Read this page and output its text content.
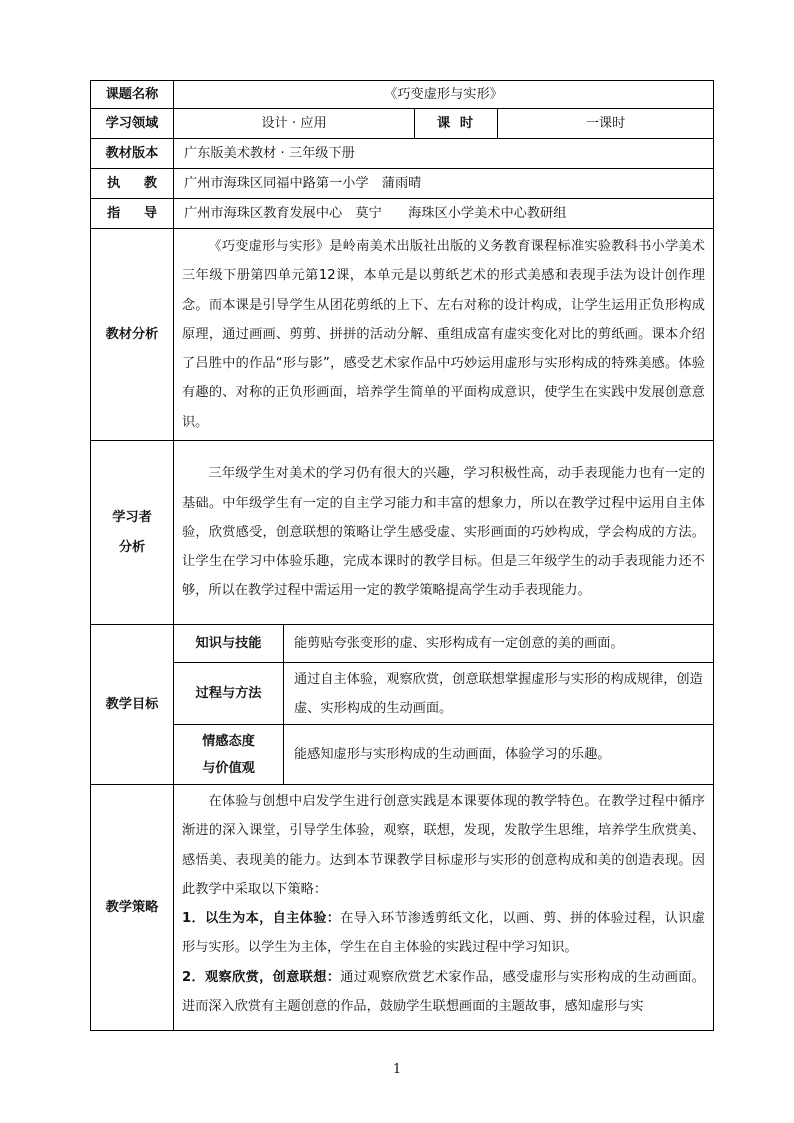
课题名称	《巧变虚形与实形》			
学习领域	设计 · 应用		课 时	一课时
教材版本	广东版美术教材 · 三年级下册			

执 教	广州市海珠区同福中路第一小学　蒲雨晴			

指 导	广州市海珠区教育发展中心　莫宁　　海珠区小学美术中心教研组			
教材分析	《巧变虚形与实形》是岭南美术出版社出版的义务教育课程标准实验教科书小学美术三年级下册第四单元第12课，本单元是以剪纸艺术的形式美感和表现手法为设计创作理念。而本课是引导学生从团花剪纸的上下、左右对称的设计构成，让学生运用正负形构成原理，通过画画、剪剪、拼拼的活动分解、重组成富有虚实变化对比的剪纸画。课本介绍了吕胜中的作品“形与影”，感受艺术家作品中巧妙运用虚形与实形构成的特殊美感。体验有趣的、对称的正负形画面，培养学生简单的平面构成意识，使学生在实践中发展创意意识。			

学习者
分析	三年级学生对美术的学习仍有很大的兴趣，学习积极性高，动手表现能力也有一定的基础。中年级学生有一定的自主学习能力和丰富的想象力，所以在教学过程中运用自主体验，欣赏感受，创意联想的策略让学生感受虚、实形画面的巧妙构成，学会构成的方法。让学生在学习中体验乐趣，完成本课时的教学目标。但是三年级学生的动手表现能力还不够，所以在教学过程中需运用一定的教学策略提高学生动手表现能力。			

教学目标	知识与技能	能剪贴夸张变形的虚、实形构成有一定创意的美的画面。		
	过程与方法	通过自主体验，观察欣赏，创意联想掌握虚形与实形的构成规律，创造虚、实形构成的生动画面。		

	情感态度
与价值观	能感知虚形与实形构成的生动画面，体验学习的乐趣。		
教学策略	在体验与创想中启发学生进行创意实践是本课要体现的教学特色。在教学过程中循序渐进的深入课堂，引导学生体验，观察，联想，发现，发散学生思维，培养学生欣赏美、感悟美、表现美的能力。达到本节课教学目标虚形与实形的创意构成和美的创造表现。因此教学中采取以下策略：

1．以生为本，自主体验：在导入环节渗透剪纸文化，以画、剪、拼的体验过程，认识虚形与实形。以学生为主体，学生在自主体验的实践过程中学习知识。

2．观察欣赏，创意联想：通过观察欣赏艺术家作品，感受虚形与实形构成的生动画面。进而深入欣赏有主题创意的作品，鼓励学生联想画面的主题故事，感知虚形与实			

1
